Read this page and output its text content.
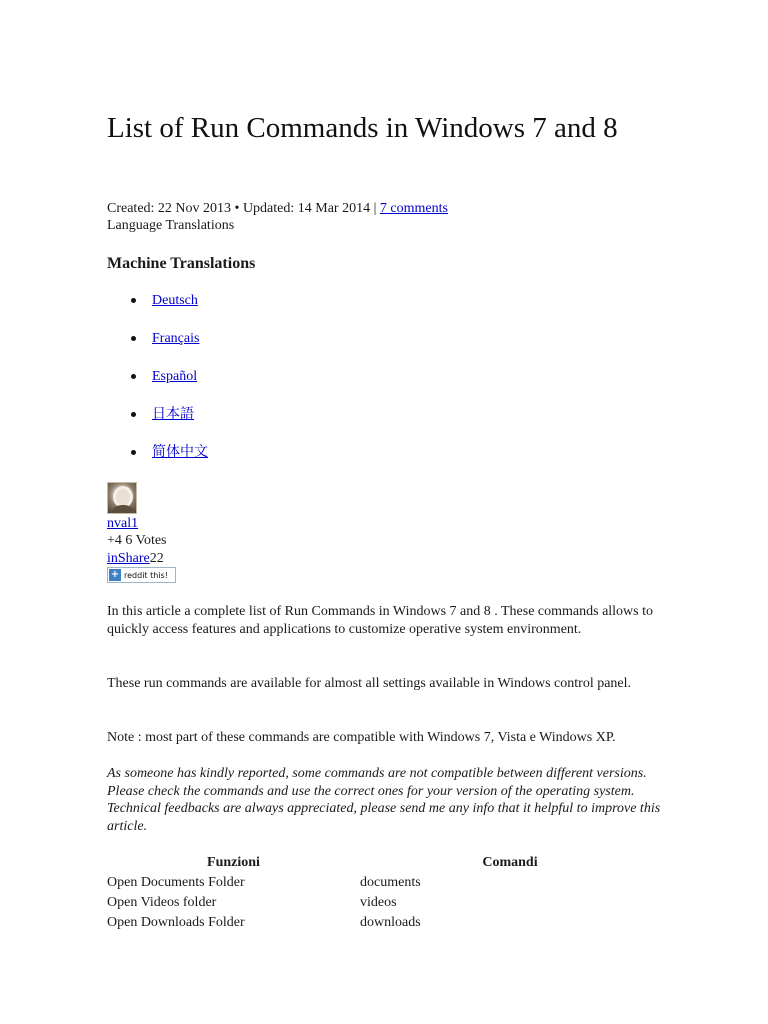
List of Run Commands in Windows 7 and 8
Created: 22 Nov 2013 • Updated: 14 Mar 2014 | 7 comments
Language Translations
Machine Translations
Deutsch
Français
Español
日本語
简体中文
nval1
+4 6 Votes
inShare22
+ reddit this!

In this article a complete list of Run Commands in Windows 7 and 8 . These commands allows to quickly access features and applications to customize operative system environment.

These run commands are available for almost all settings available in Windows control panel.

Note : most part of these commands are compatible with Windows 7, Vista e Windows XP.

As someone has kindly reported, some commands are not compatible between different versions. Please check the commands and use the correct ones for your version of the operating system. Technical feedbacks are always appreciated, please send me any info that it helpful to improve this article.

Funzioni	Comandi
Open Documents Folder	documents
Open Videos folder	videos
Open Downloads Folder	downloads
